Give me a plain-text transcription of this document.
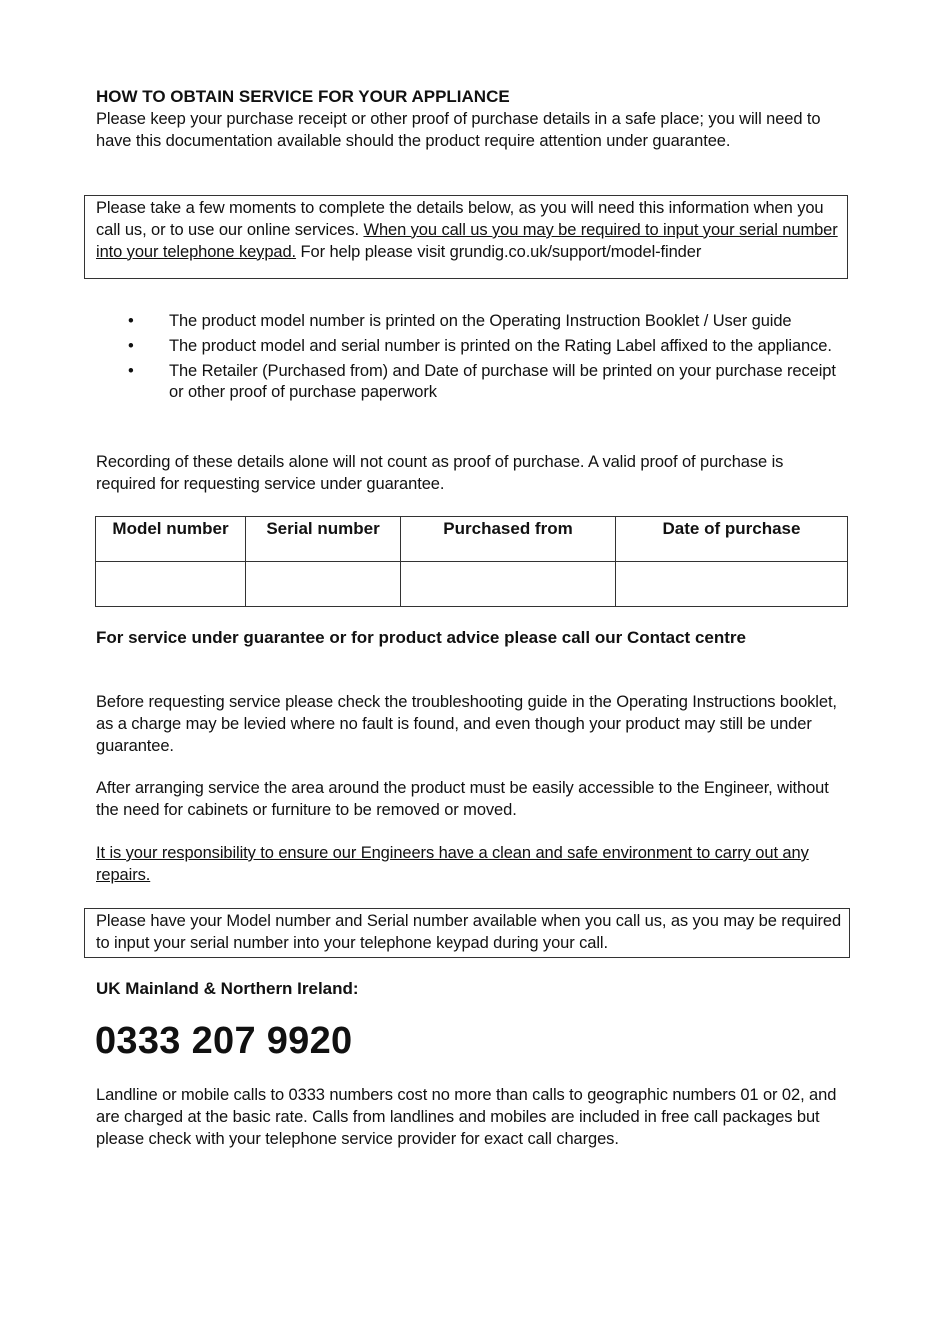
HOW TO OBTAIN SERVICE FOR YOUR APPLIANCE

Please keep your purchase receipt or other proof of purchase details in a safe place; you will need to have this documentation available should the product require attention under guarantee.

Please take a few moments to complete the details below, as you will need this information when you call us, or to use our online services. When you call us you may be required to input your serial number into your telephone keypad. For help please visit grundig.co.uk/support/model-finder
• The product model number is printed on the Operating Instruction Booklet / User guide
• The product model and serial number is printed on the Rating Label affixed to the appliance.
• The Retailer (Purchased from) and Date of purchase will be printed on your purchase receipt or other proof of purchase paperwork

Recording of these details alone will not count as proof of purchase. A valid proof of purchase is required for requesting service under guarantee.

Model number	Serial number	Purchased from	Date of purchase

For service under guarantee or for product advice please call our Contact centre

Before requesting service please check the troubleshooting guide in the Operating Instructions booklet, as a charge may be levied where no fault is found, and even though your product may still be under guarantee.

After arranging service the area around the product must be easily accessible to the Engineer, without the need for cabinets or furniture to be removed or moved.

It is your responsibility to ensure our Engineers have a clean and safe environment to carry out any repairs.

Please have your Model number and Serial number available when you call us, as you may be required to input your serial number into your telephone keypad during your call.
UK Mainland & Northern Ireland:
0333 207 9920

Landline or mobile calls to 0333 numbers cost no more than calls to geographic numbers 01 or 02, and are charged at the basic rate. Calls from landlines and mobiles are included in free call packages but please check with your telephone service provider for exact call charges.
